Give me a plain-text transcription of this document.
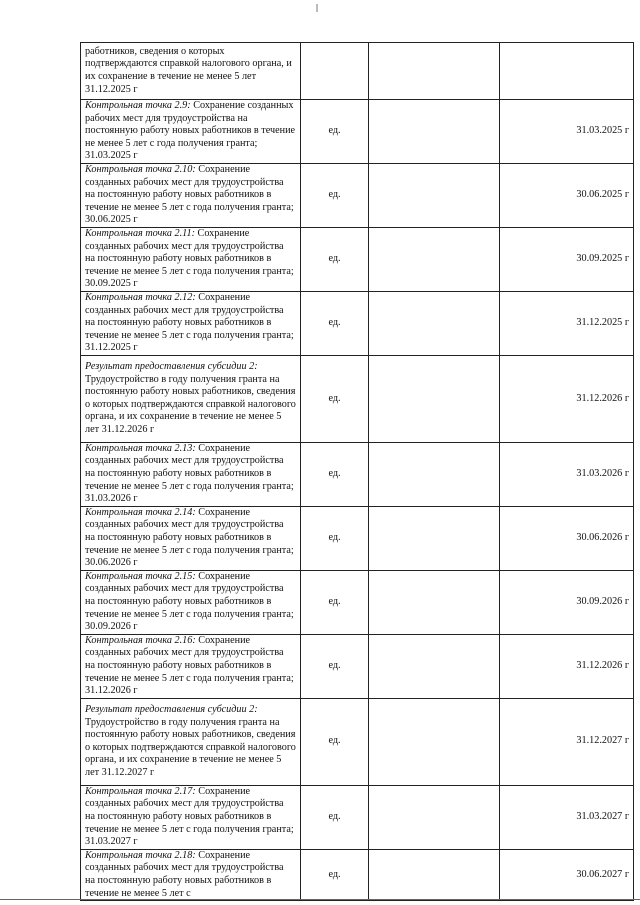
работников, сведения о которых подтверждаются справкой налогового органа, и их сохранение в течение не менее 5 лет 31.12.2025 г			
Контрольная точка 2.9: Сохранение созданных рабочих мест для трудоустройства на постоянную работу новых работников в течение не менее 5 лет с года получения гранта; 31.03.2025 г	ед.		31.03.2025 г
Контрольная точка 2.10: Сохранение созданных рабочих мест для трудоустройства на постоянную работу новых работников в течение не менее 5 лет с года получения гранта; 30.06.2025 г	ед.		30.06.2025 г
Контрольная точка 2.11: Сохранение созданных рабочих мест для трудоустройства на постоянную работу новых работников в течение не менее 5 лет с года получения гранта; 30.09.2025 г	ед.		30.09.2025 г
Контрольная точка 2.12: Сохранение созданных рабочих мест для трудоустройства на постоянную работу новых работников в течение не менее 5 лет с года получения гранта; 31.12.2025 г	ед.		31.12.2025 г
Результат предоставления субсидии 2: Трудоустройство в году получения гранта на постоянную работу новых работников, сведения о которых подтверждаются справкой налогового органа, и их сохранение в течение не менее 5 лет 31.12.2026 г	ед.		31.12.2026 г
Контрольная точка 2.13: Сохранение созданных рабочих мест для трудоустройства на постоянную работу новых работников в течение не менее 5 лет с года получения гранта; 31.03.2026 г	ед.		31.03.2026 г
Контрольная точка 2.14: Сохранение созданных рабочих мест для трудоустройства на постоянную работу новых работников в течение не менее 5 лет с года получения гранта; 30.06.2026 г	ед.		30.06.2026 г
Контрольная точка 2.15: Сохранение созданных рабочих мест для трудоустройства на постоянную работу новых работников в течение не менее 5 лет с года получения гранта; 30.09.2026 г	ед.		30.09.2026 г
Контрольная точка 2.16: Сохранение созданных рабочих мест для трудоустройства на постоянную работу новых работников в течение не менее 5 лет с года получения гранта; 31.12.2026 г	ед.		31.12.2026 г
Результат предоставления субсидии 2: Трудоустройство в году получения гранта на постоянную работу новых работников, сведения о которых подтверждаются справкой налогового органа, и их сохранение в течение не менее 5 лет 31.12.2027 г	ед.		31.12.2027 г
Контрольная точка 2.17: Сохранение созданных рабочих мест для трудоустройства на постоянную работу новых работников в течение не менее 5 лет с года получения гранта; 31.03.2027 г	ед.		31.03.2027 г
Контрольная точка 2.18: Сохранение созданных рабочих мест для трудоустройства на постоянную работу новых работников в течение не менее 5 лет с	ед.		30.06.2027 г
